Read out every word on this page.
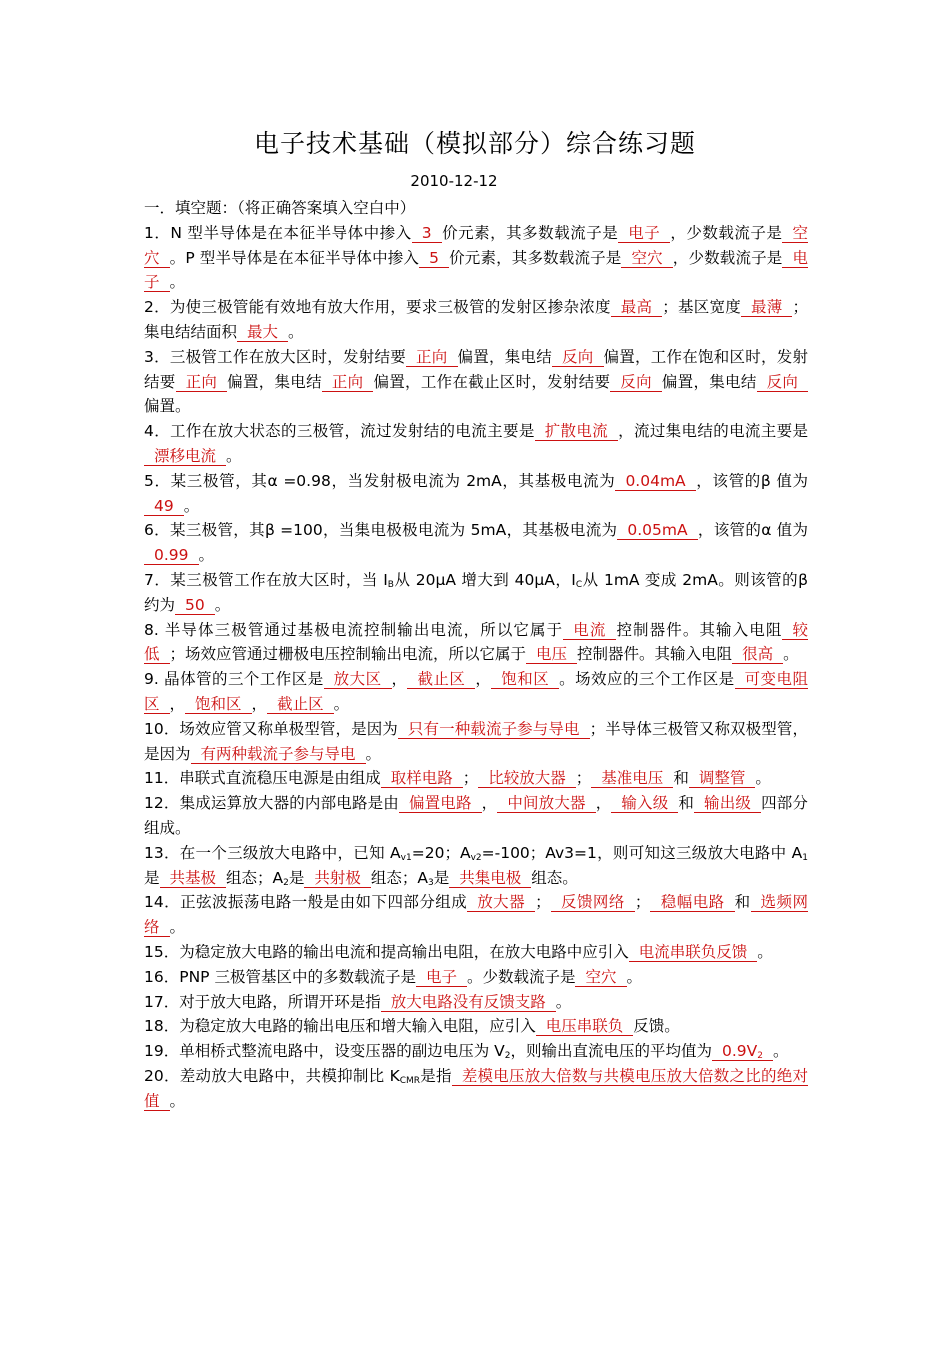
电子技术基础（模拟部分）综合练习题
2010-12-12

一．填空题：（将正确答案填入空白中）

1．N 型半导体是在本征半导体中掺入 3 价元素，其多数载流子是 电子 ，少数载流子是 空穴 。P 型半导体是在本征半导体中掺入 5 价元素，其多数载流子是 空穴 ，少数载流子是 电子 。

2．为使三极管能有效地有放大作用，要求三极管的发射区掺杂浓度 最高 ；基区宽度 最薄 ；集电结结面积 最大 。

3．三极管工作在放大区时，发射结要 正向 偏置，集电结 反向 偏置，工作在饱和区时，发射结要 正向 偏置，集电结 正向 偏置，工作在截止区时，发射结要 反向 偏置，集电结 反向偏置。

4．工作在放大状态的三极管，流过发射结的电流主要是 扩散电流 ，流过集电结的电流主要是漂移电流 。

5．某三极管，其α =0.98，当发射极电流为 2mA，其基极电流为 0.04mA ，该管的β 值为49 。

6．某三极管，其β =100，当集电极极电流为 5mA，其基极电流为 0.05mA ，该管的α 值为0.99 。

7．某三极管工作在放大区时，当 $I_B$从 20μA 增大到 40μA，$I_C$从 1mA 变成 2mA。则该管的β 约为 50 。

8. 半导体三极管通过基极电流控制输出电流，所以它属于 电流 控制器件。其输入电阻 较低 ；场效应管通过栅极电压控制输出电流，所以它属于 电压 控制器件。其输入电阻 很高 。

9. 晶体管的三个工作区是 放大区 ， 截止区 ， 饱和区 。场效应的三个工作区是 可变电阻区 ， 饱和区 ， 截止区 。

10．场效应管又称单极型管，是因为 只有一种载流子参与导电 ；半导体三极管又称双极型管，是因为 有两种载流子参与导电 。

11．串联式直流稳压电源是由组成 取样电路 ； 比较放大器 ； 基准电压 和 调整管 。

12．集成运算放大器的内部电路是由 偏置电路 ， 中间放大器 ， 输入级 和 输出级 四部分组成。

13．在一个三级放大电路中，已知 $A_{v1}=20$；$A_{v2}=-100$；Av3=1，则可知这三级放大电路中 $A_1$是 共基极 组态；$A_2$是 共射极 组态；$A_3$是 共集电极 组态。

14．正弦波振荡电路一般是由如下四部分组成 放大器 ； 反馈网络 ； 稳幅电路 和 选频网络 。

15．为稳定放大电路的输出电流和提高输出电阻，在放大电路中应引入 电流串联负反馈 。

16．PNP 三极管基区中的多数载流子是 电子 。少数载流子是 空穴 。

17．对于放大电路，所谓开环是指 放大电路没有反馈支路 。

18．为稳定放大电路的输出电压和增大输入电阻，应引入 电压串联负 反馈。

19．单相桥式整流电路中，设变压器的副边电压为 $V_2$，则输出直流电压的平均值为 $0.9V_2$ 。

20．差动放大电路中，共模抑制比 $K_{CMR}$是指 差模电压放大倍数与共模电压放大倍数之比的绝对值 。
